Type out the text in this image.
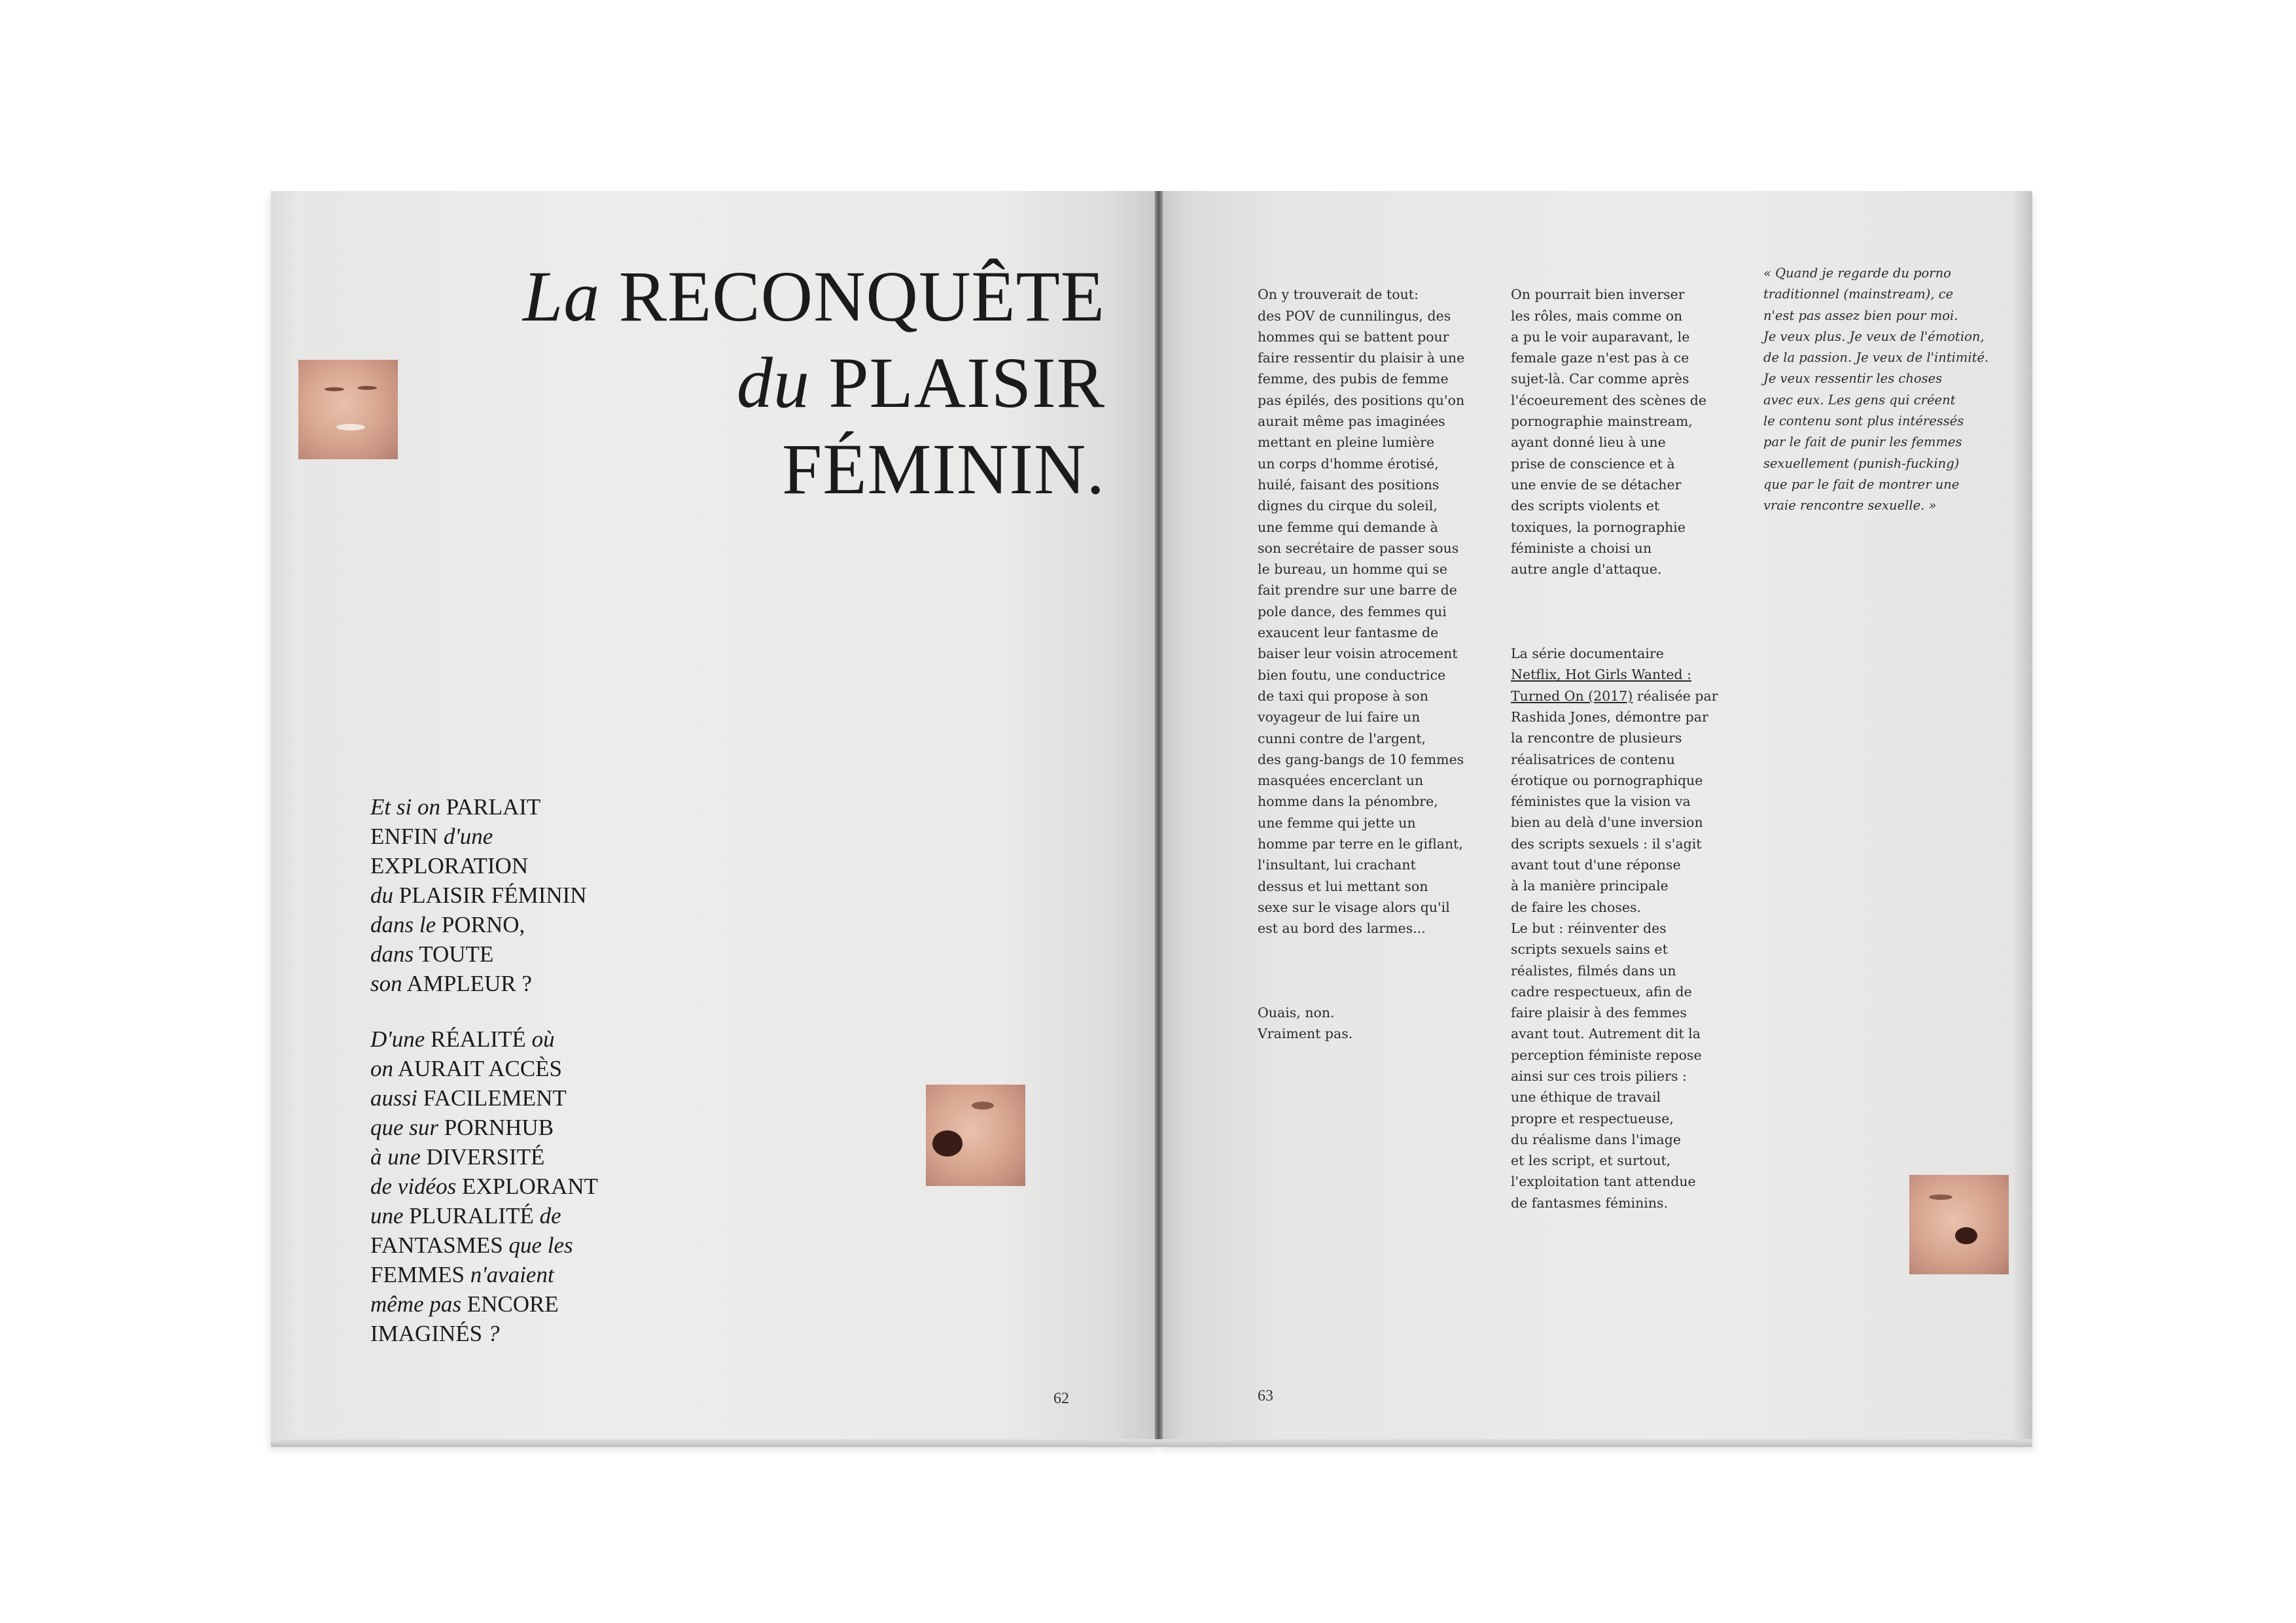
La RECONQUÊTE
du PLAISIR
FÉMININ.
Et si on PARLAIT
ENFIN d'une
EXPLORATION
du PLAISIR FÉMININ
dans le PORNO,
dans TOUTE
son AMPLEUR ?
D'une RÉALITÉ où
on AURAIT ACCÈS
aussi FACILEMENT
que sur PORNHUB
à une DIVERSITÉ
de vidéos EXPLORANT
une PLURALITÉ de
FANTASMES que les
FEMMES n'avaient
même pas ENCORE
IMAGINÉS ?
62

On y trouverait de tout:
des POV de cunnilingus, des
hommes qui se battent pour
faire ressentir du plaisir à une
femme, des pubis de femme
pas épilés, des positions qu'on
aurait même pas imaginées
mettant en pleine lumière
un corps d'homme érotisé,
huilé, faisant des positions
dignes du cirque du soleil,
une femme qui demande à
son secrétaire de passer sous
le bureau, un homme qui se
fait prendre sur une barre de
pole dance, des femmes qui
exaucent leur fantasme de
baiser leur voisin atrocement
bien foutu, une conductrice
de taxi qui propose à son
voyageur de lui faire un
cunni contre de l'argent,
des gang-bangs de 10 femmes
masquées encerclant un
homme dans la pénombre,
une femme qui jette un
homme par terre en le giflant,
l'insultant, lui crachant
dessus et lui mettant son
sexe sur le visage alors qu'il
est au bord des larmes...

Ouais, non.
Vraiment pas.

On pourrait bien inverser
les rôles, mais comme on
a pu le voir auparavant, le
female gaze n'est pas à ce
sujet-là. Car comme après
l'écoeurement des scènes de
pornographie mainstream,
ayant donné lieu à une
prise de conscience et à
une envie de se détacher
des scripts violents et
toxiques, la pornographie
féministe a choisi un
autre angle d'attaque.

La série documentaire
Netflix, Hot Girls Wanted :
Turned On (2017) réalisée par
Rashida Jones, démontre par
la rencontre de plusieurs
réalisatrices de contenu
érotique ou pornographique
féministes que la vision va
bien au delà d'une inversion
des scripts sexuels : il s'agit
avant tout d'une réponse
à la manière principale
de faire les choses.
Le but : réinventer des
scripts sexuels sains et
réalistes, filmés dans un
cadre respectueux, afin de
faire plaisir à des femmes
avant tout. Autrement dit la
perception féministe repose
ainsi sur ces trois piliers :
une éthique de travail
propre et respectueuse,
du réalisme dans l'image
et les script, et surtout,
l'exploitation tant attendue
de fantasmes féminins.

« Quand je regarde du porno
traditionnel (mainstream), ce
n'est pas assez bien pour moi.
Je veux plus. Je veux de l'émotion,
de la passion. Je veux de l'intimité.
Je veux ressentir les choses
avec eux. Les gens qui créent
le contenu sont plus intéressés
par le fait de punir les femmes
sexuellement (punish-fucking)
que par le fait de montrer une
vraie rencontre sexuelle. »
63
